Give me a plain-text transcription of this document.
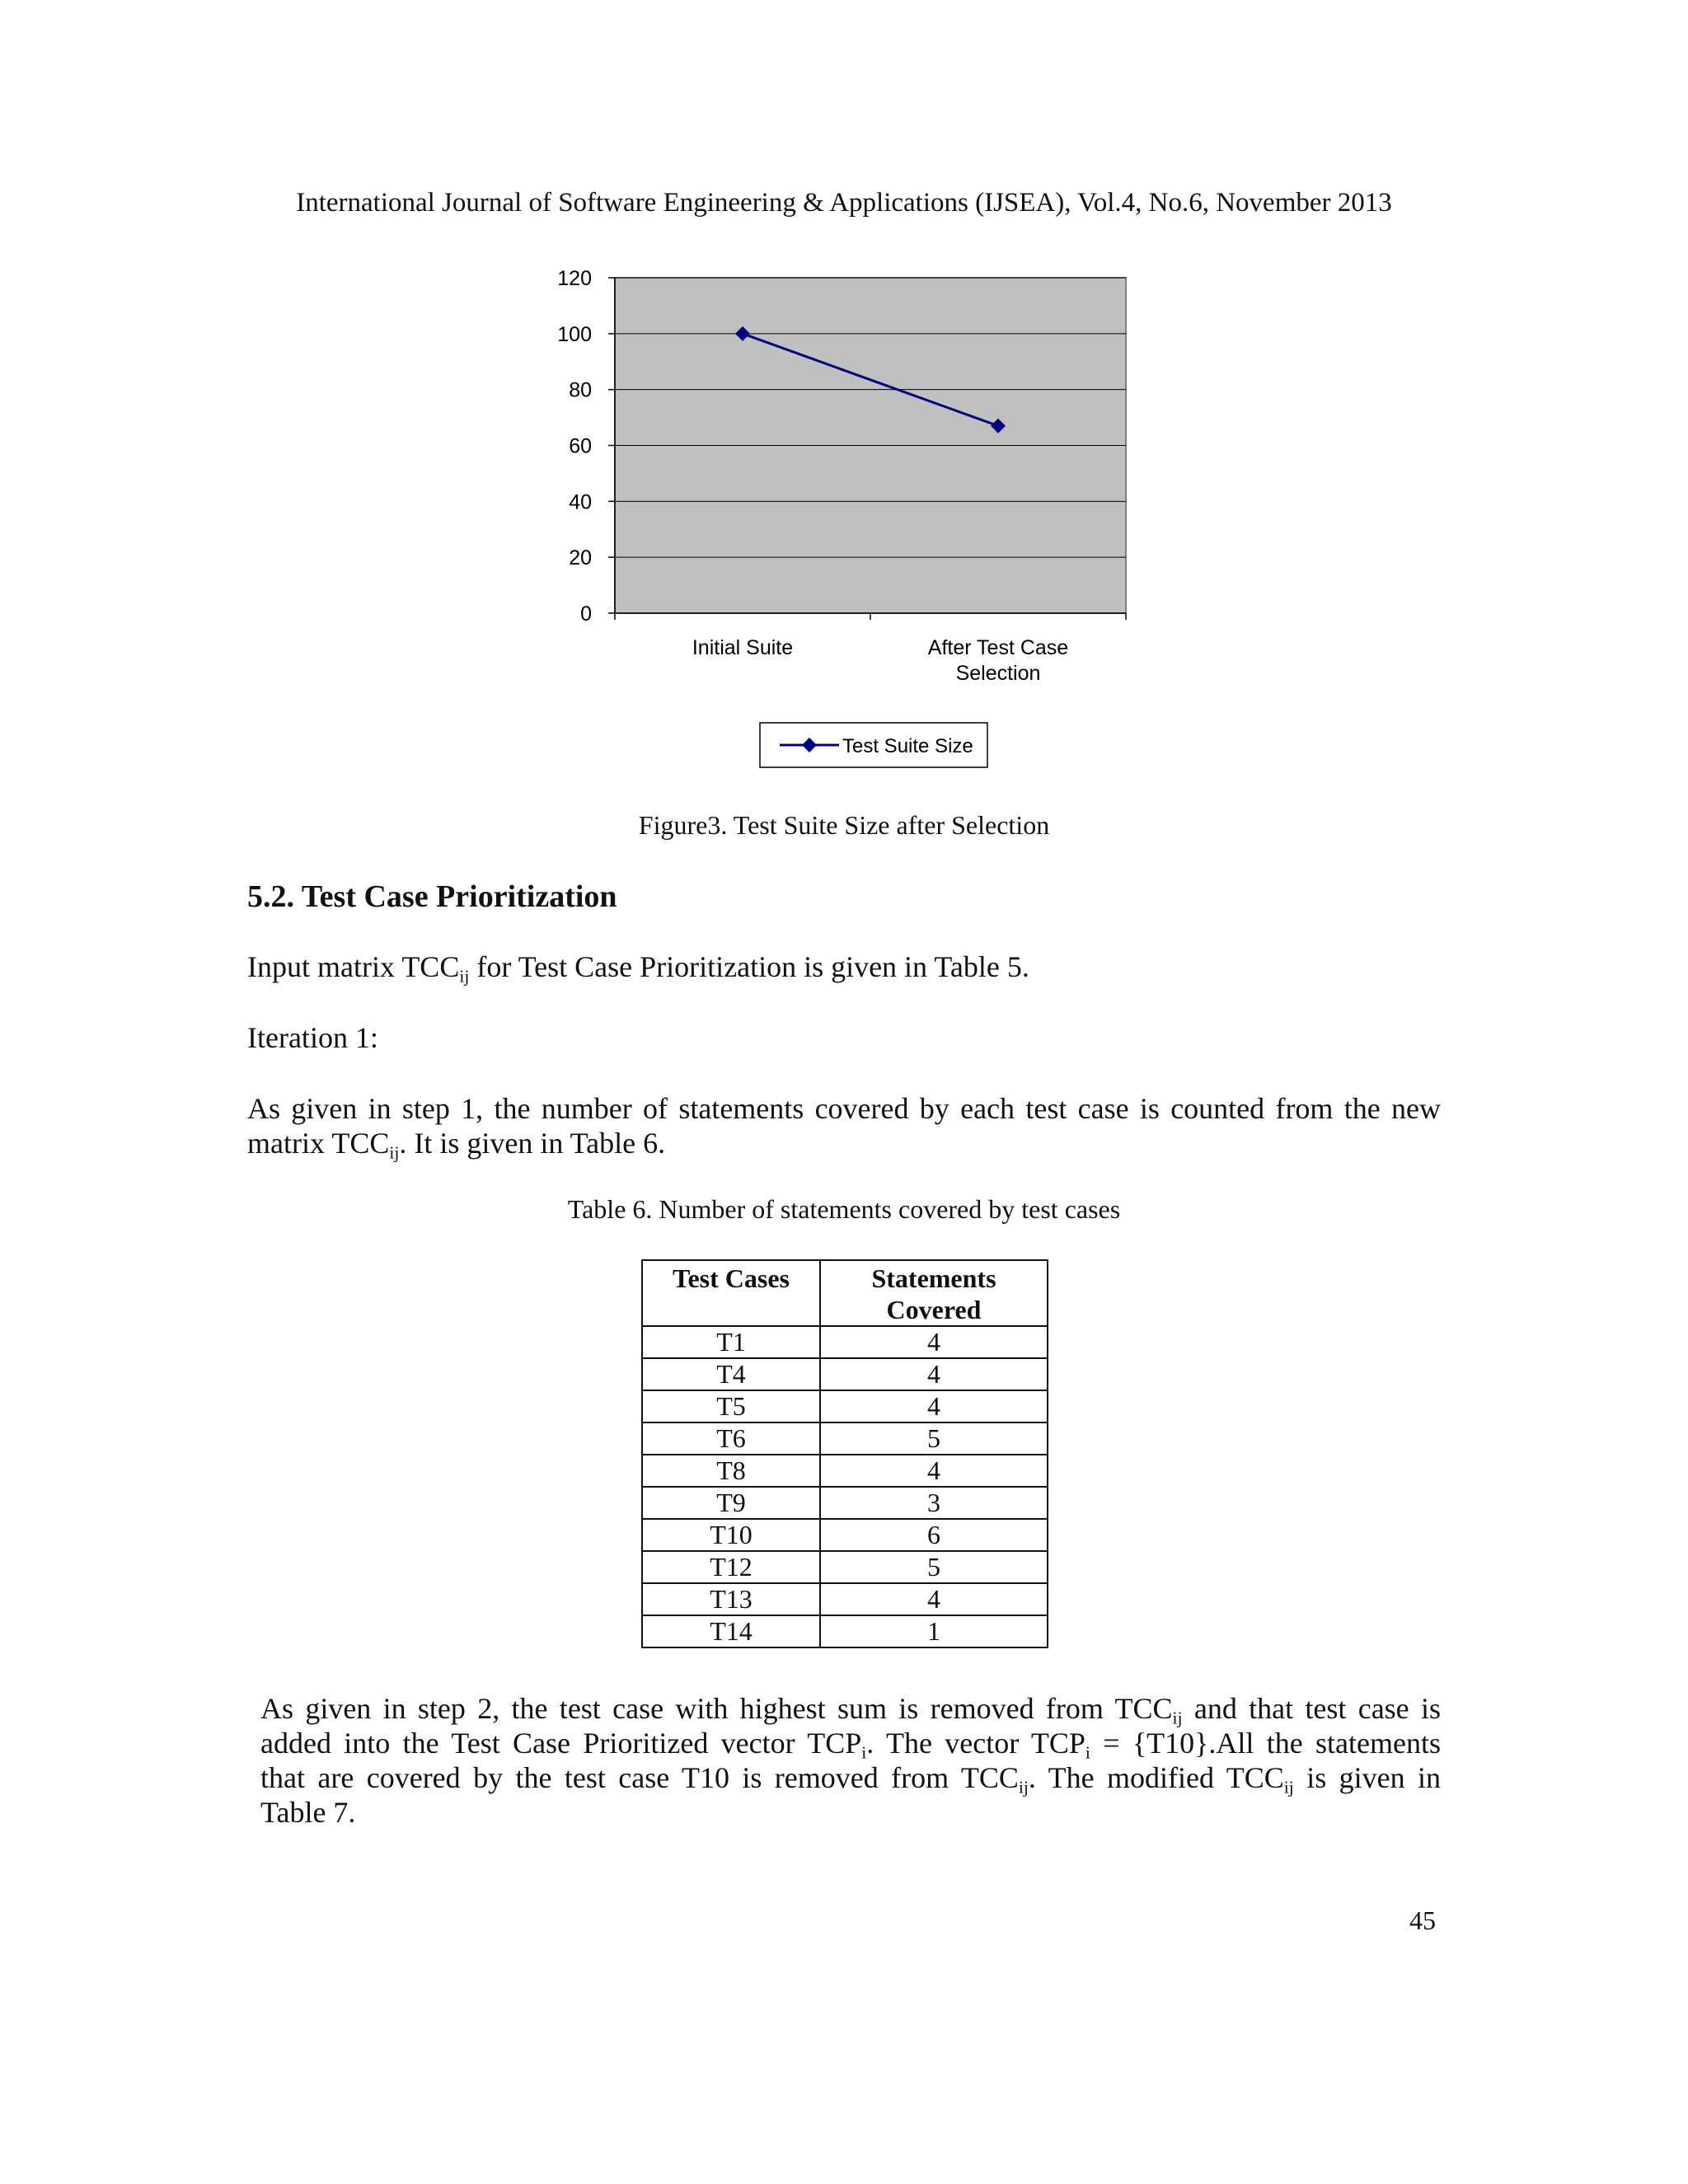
International Journal of Software Engineering & Applications (IJSEA), Vol.4, No.6, November 2013
0
20
40
60
80
100
120
Initial Suite	After Test Case
Selection
Test Suite Size
Figure3. Test Suite Size after Selection
5.2. Test Case Prioritization
Input matrix $TCC_{ij}$ for Test Case Prioritization is given in Table 5.
Iteration 1:
As given in step 1, the number of statements covered by each test case is counted from the new
matrix $TCC_{ij}$. It is given in Table 6.
Table 6. Number of statements covered by test cases
Test Cases	Statements
Covered
T1	4
T4	4
T5	4
T6	5
T8	4
T9	3
T10	6
T12	5
T13	4
T14	1
As given in step 2, the test case with highest sum is removed from $TCC_{ij}$ and that test case is
added into the Test Case Prioritized vector $TCP_i$. The vector $TCP_i = \{T10\}.All$ the statements
that are covered by the test case T10 is removed from $TCC_{ij}$. The modified $TCC_{ij}$ is given in
Table 7.
45
